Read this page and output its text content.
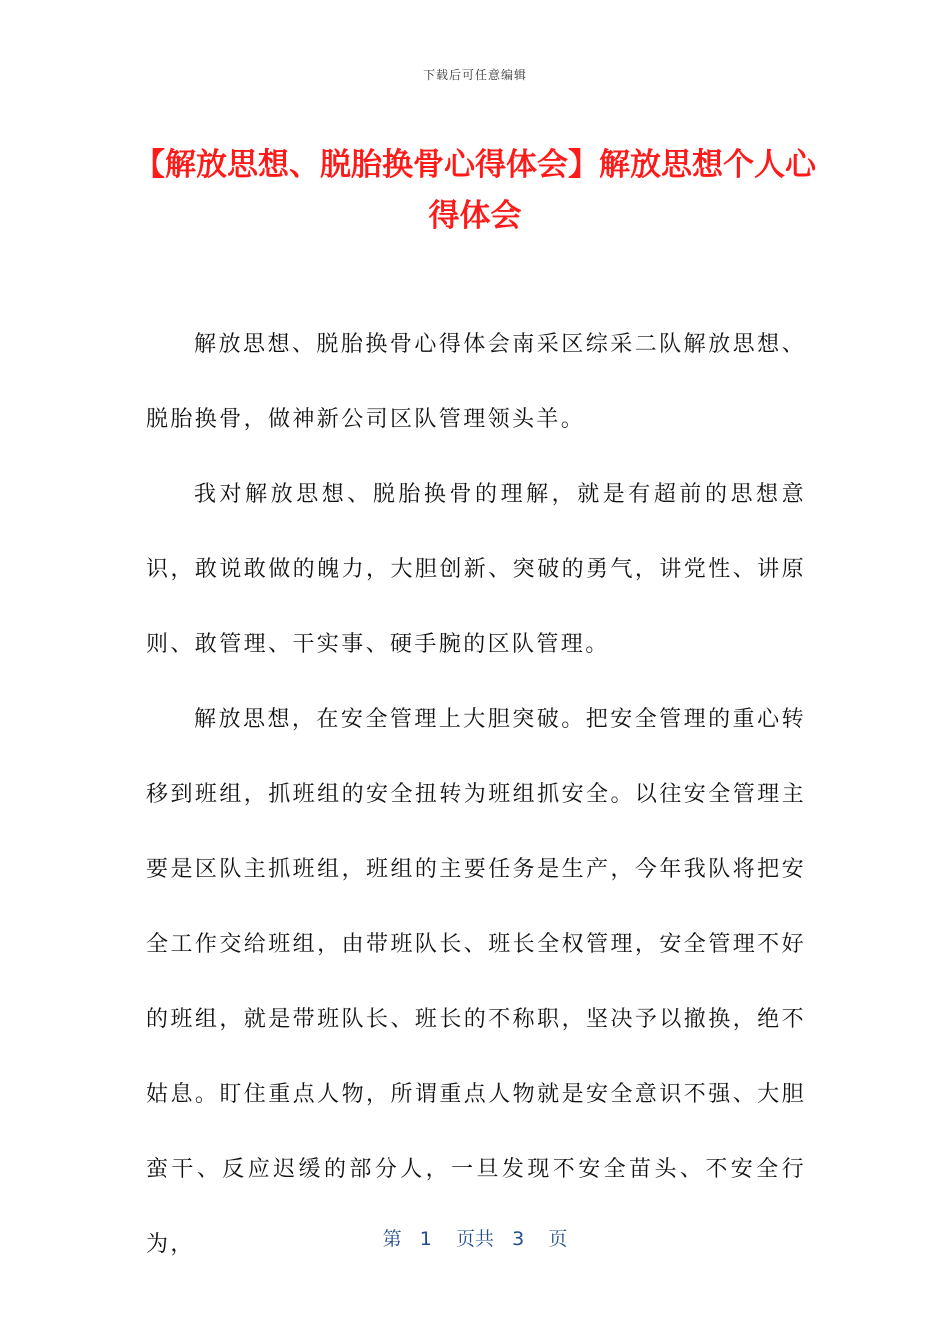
下载后可任意编辑
【解放思想、脱胎换骨心得体会】解放思想个人心得体会

解放思想、脱胎换骨心得体会南采区综采二队解放思想、脱胎换骨，做神新公司区队管理领头羊。

我对解放思想、脱胎换骨的理解，就是有超前的思想意识，敢说敢做的魄力，大胆创新、突破的勇气，讲党性、讲原则、敢管理、干实事、硬手腕的区队管理。

解放思想，在安全管理上大胆突破。把安全管理的重心转移到班组，抓班组的安全扭转为班组抓安全。以往安全管理主要是区队主抓班组，班组的主要任务是生产，今年我队将把安全工作交给班组，由带班队长、班长全权管理，安全管理不好的班组，就是带班队长、班长的不称职，坚决予以撤换，绝不姑息。盯住重点人物，所谓重点人物就是安全意识不强、大胆蛮干、反应迟缓的部分人，一旦发现不安全苗头、不安全行为，	第 1 页共 3 页
